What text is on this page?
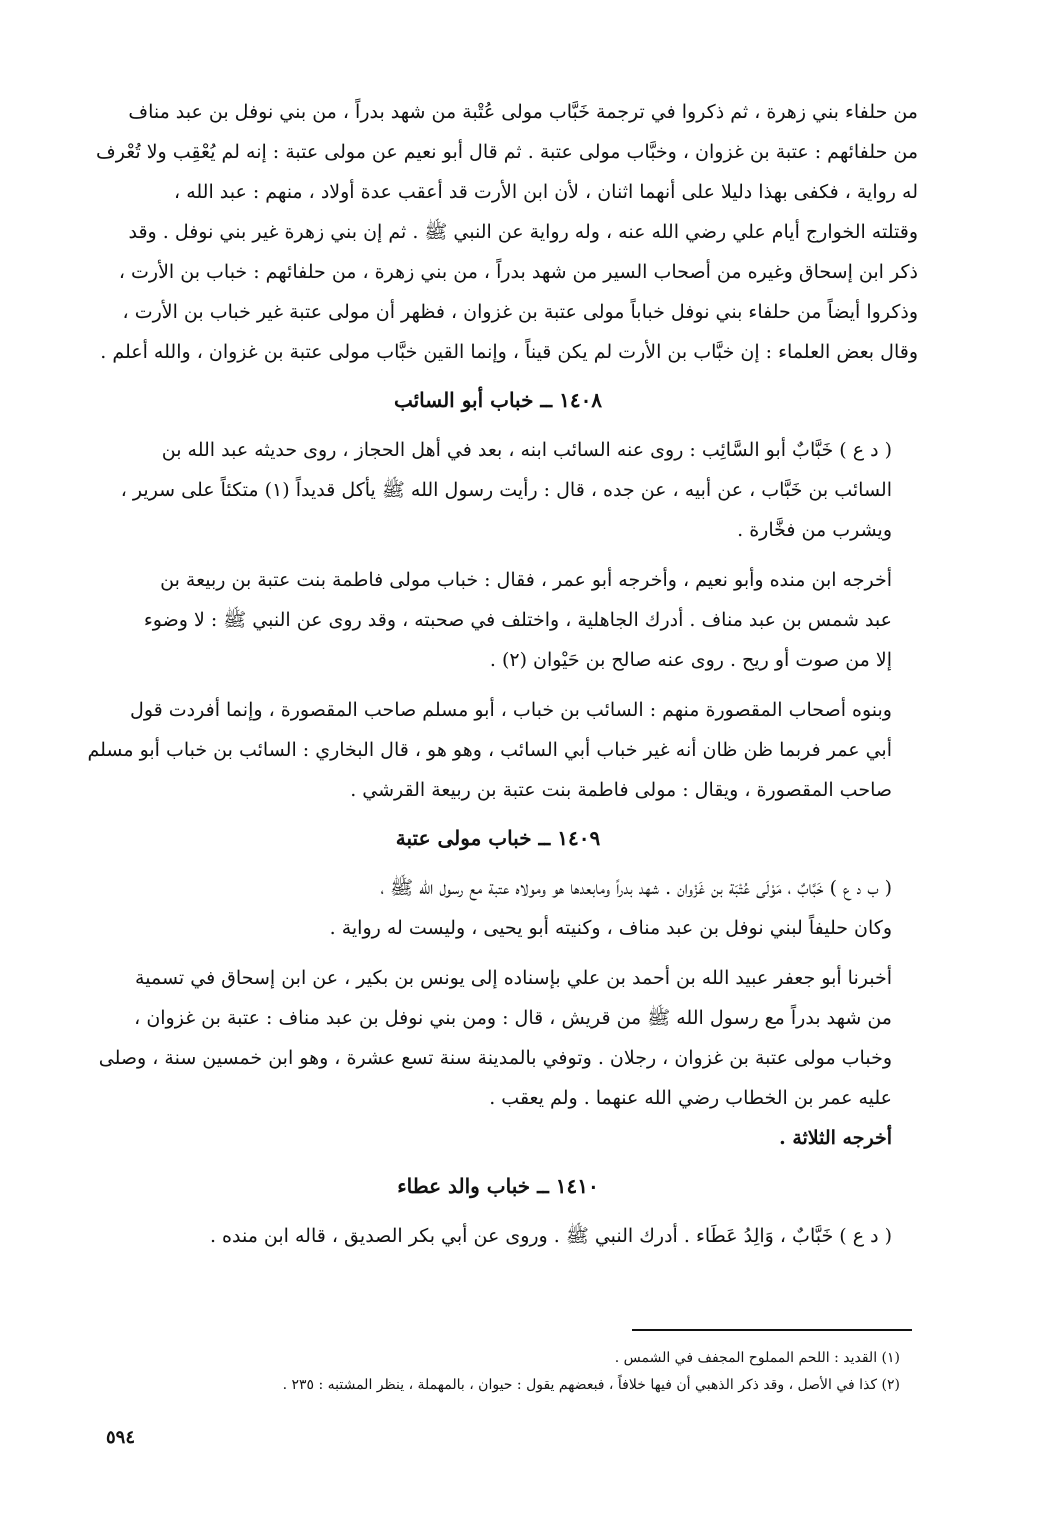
من حلفاء بني زهرة ، ثم ذكروا في ترجمة خَبَّاب مولى عُتْبة من شهد بدراً ، من بني نوفل بن عبد مناف
من حلفائهم : عتبة بن غزوان ، وخبَّاب مولى عتبة . ثم قال أبو نعيم عن مولى عتبة : إنه لم يُعْقِب ولا تُعْرف
له رواية ، فكفى بهذا دليلا على أنهما اثنان ، لأن ابن الأرت قد أعقب عدة أولاد ، منهم : عبد الله ،
وقتلته الخوارج أيام علي رضي الله عنه ، وله رواية عن النبي ﷺ . ثم إن بني زهرة غير بني نوفل . وقد
ذكر ابن إسحاق وغيره من أصحاب السير من شهد بدراً ، من بني زهرة ، من حلفائهم : خباب بن الأرت ،
وذكروا أيضاً من حلفاء بني نوفل خباباً مولى عتبة بن غزوان ، فظهر أن مولى عتبة غير خباب بن الأرت ،
وقال بعض العلماء : إن خبَّاب بن الأرت لم يكن قيناً ، وإنما القين خبَّاب مولى عتبة بن غزوان ، والله أعلم .

١٤٠٨ ــ خباب أبو السائب

( د ع ) خَبَّابٌ أبو السَّائِب : روى عنه السائب ابنه ، بعد في أهل الحجاز ، روى حديثه عبد الله بن
السائب بن خَبَّاب ، عن أبيه ، عن جده ، قال : رأيت رسول الله ﷺ يأكل قديداً (١) متكئاً على سرير ،
ويشرب من فخَّارة .

أخرجه ابن منده وأبو نعيم ، وأخرجه أبو عمر ، فقال : خباب مولى فاطمة بنت عتبة بن ربيعة بن
عبد شمس بن عبد مناف . أدرك الجاهلية ، واختلف في صحبته ، وقد روى عن النبي ﷺ : لا وضوء
إلا من صوت أو ريح . روى عنه صالح بن حَيْوان (٢) .

وبنوه أصحاب المقصورة منهم : السائب بن خباب ، أبو مسلم صاحب المقصورة ، وإنما أفردت قول
أبي عمر فربما ظن ظان أنه غير خباب أبي السائب ، وهو هو ، قال البخاري : السائب بن خباب أبو مسلم
صاحب المقصورة ، ويقال : مولى فاطمة بنت عتبة بن ربيعة القرشي .

١٤٠٩ ــ خباب مولى عتبة

( ب د ع ) خَبَّابٌ ، مَوْلَى عُتْبَة بن غَزْوان . شهد بدراً ومابعدها هو ومولاه عتبة مع رسول الله ﷺ ،
وكان حليفاً لبني نوفل بن عبد مناف ، وكنيته أبو يحيى ، وليست له رواية .

أخبرنا أبو جعفر عبيد الله بن أحمد بن علي بإسناده إلى يونس بن بكير ، عن ابن إسحاق في تسمية
من شهد بدراً مع رسول الله ﷺ من قريش ، قال : ومن بني نوفل بن عبد مناف : عتبة بن غزوان ،
وخباب مولى عتبة بن غزوان ، رجلان . وتوفي بالمدينة سنة تسع عشرة ، وهو ابن خمسين سنة ، وصلى
عليه عمر بن الخطاب رضي الله عنهما . ولم يعقب .

أخرجه الثلاثة .

١٤١٠ ــ خباب والد عطاء

( د ع ) خَبَّابٌ ، وَالِدُ عَطَاء . أدرك النبي ﷺ . وروى عن أبي بكر الصديق ، قاله ابن منده .

(١) القديد : اللحم المملوح المجفف في الشمس .
(٢) كذا في الأصل ، وقد ذكر الذهبي أن فيها خلافاً ، فبعضهم يقول : حيوان ، بالمهملة ، ينظر المشتبه : ٢٣٥ .
٥٩٤
